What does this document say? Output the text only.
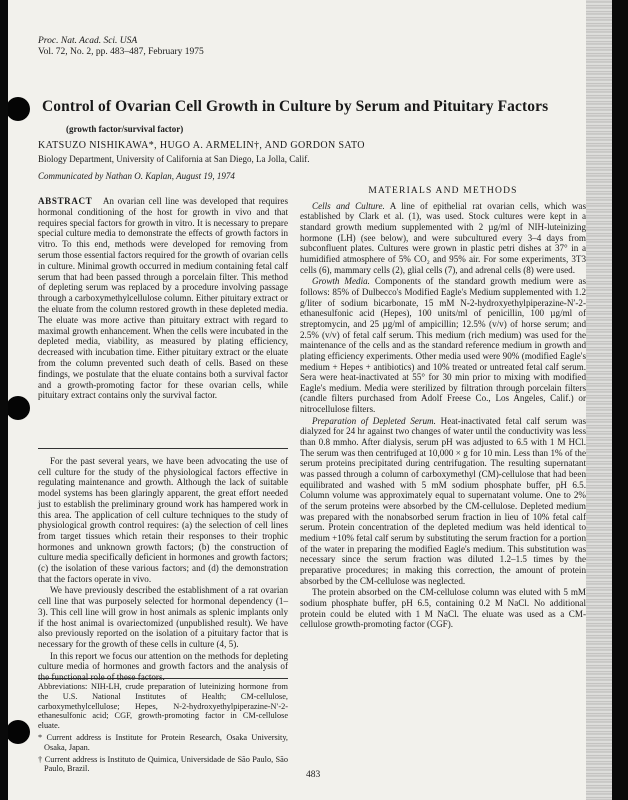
Proc. Nat. Acad. Sci. USA
Vol. 72, No. 2, pp. 483–487, February 1975
Control of Ovarian Cell Growth in Culture by Serum and Pituitary Factors
(growth factor/survival factor)
KATSUZO NISHIKAWA*, HUGO A. ARMELIN†, AND GORDON SATO
Biology Department, University of California at San Diego, La Jolla, Calif.
Communicated by Nathan O. Kaplan, August 19, 1974
ABSTRACT An ovarian cell line was developed that requires hormonal conditioning of the host for growth in vivo and that requires special factors for growth in vitro. It is necessary to prepare special culture media to demonstrate the effects of growth factors in vitro. To this end, methods were developed for removing from serum those essential factors required for the growth of ovarian cells in culture. Minimal growth occurred in medium containing fetal calf serum that had been passed through a porcelain filter. This method of depleting serum was replaced by a procedure involving passage through a carboxymethylcellulose column. Either pituitary extract or the eluate from the column restored growth in these depleted media. The eluate was more active than pituitary extract with regard to maximal growth enhancement. When the cells were incubated in the depleted media, viability, as measured by plating efficiency, decreased with incubation time. Either pituitary extract or the eluate from the column prevented such death of cells. Based on these findings, we postulate that the eluate contains both a survival factor and a growth-promoting factor for these ovarian cells, while pituitary extract contains only the survival factor.

For the past several years, we have been advocating the use of cell culture for the study of the physiological factors effective in regulating maintenance and growth. Although the lack of suitable model systems has been glaringly apparent, the great effort needed just to establish the preliminary ground work has hampered work in this area. The application of cell culture techniques to the study of physiological growth control requires: (a) the selection of cell lines from target tissues which retain their responses to their trophic hormones and unknown growth factors; (b) the construction of culture media specifically deficient in hormones and growth factors; (c) the isolation of these various factors; and (d) the demonstration that the factors operate in vivo.

We have previously described the establishment of a rat ovarian cell line that was purposely selected for hormonal dependency (1–3). This cell line will grow in host animals as splenic implants only if the host animal is ovariectomized (unpublished result). We have also previously reported on the isolation of a pituitary factor that is necessary for the growth of these cells in culture (4, 5).

In this report we focus our attention on the methods for depleting culture media of hormones and growth factors and the analysis of the functional role of these factors.

Abbreviations: NIH-LH, crude preparation of luteinizing hormone from the U.S. National Institutes of Health; CM-cellulose, carboxymethylcellulose; Hepes, N-2-hydroxyethylpiperazine-N′-2-ethanesulfonic acid; CGF, growth-promoting factor in CM-cellulose eluate.

* Current address is Institute for Protein Research, Osaka University, Osaka, Japan.

† Current address is Instituto de Quimica, Universidade de São Paulo, São Paulo, Brazil.

MATERIALS AND METHODS

Cells and Culture. A line of epithelial rat ovarian cells, which was established by Clark et al. (1), was used. Stock cultures were kept in a standard growth medium supplemented with 2 µg/ml of NIH-luteinizing hormone (LH) (see below), and were subcultured every 3–4 days from subconfluent plates. Cultures were grown in plastic petri dishes at 37° in a humidified atmosphere of 5% CO₂ and 95% air. For some experiments, 3T3 cells (6), mammary cells (2), glial cells (7), and adrenal cells (8) were used.

Growth Media. Components of the standard growth medium were as follows: 85% of Dulbecco's Modified Eagle's Medium supplemented with 1.2 g/liter of sodium bicarbonate, 15 mM N-2-hydroxyethylpiperazine-N′-2-ethanesulfonic acid (Hepes), 100 units/ml of penicillin, 100 µg/ml of streptomycin, and 25 µg/ml of ampicillin; 12.5% (v/v) of horse serum; and 2.5% (v/v) of fetal calf serum. This medium (rich medium) was used for the maintenance of the cells and as the standard reference medium in growth and plating efficiency experiments. Other media used were 90% (modified Eagle's medium + Hepes + antibiotics) and 10% treated or untreated fetal calf serum. Sera were heat-inactivated at 55° for 30 min prior to mixing with modified Eagle's medium. Media were sterilized by filtration through porcelain filters (candle filters purchased from Adolf Freese Co., Los Angeles, Calif.) or nitrocellulose filters.

Preparation of Depleted Serum. Heat-inactivated fetal calf serum was dialyzed for 24 hr against two changes of water until the conductivity was less than 0.8 mmho. After dialysis, serum pH was adjusted to 6.5 with 1 M HCl. The serum was then centrifuged at 10,000 × g for 10 min. Less than 1% of the serum proteins precipitated during centrifugation. The resulting supernatant was passed through a column of carboxymethyl (CM)-cellulose that had been equilibrated and washed with 5 mM sodium phosphate buffer, pH 6.5. Column volume was approximately equal to supernatant volume. One to 2% of the serum proteins were absorbed by the CM-cellulose. Depleted medium was prepared with the nonabsorbed serum fraction in lieu of 10% fetal calf serum. Protein concentration of the depleted medium was held identical to medium +10% fetal calf serum by substituting the serum fraction for a portion of the water in preparing the modified Eagle's medium. This substitution was necessary since the serum fraction was diluted 1.2–1.5 times by the preparative procedures; in making this correction, the amount of protein absorbed by the CM-cellulose was neglected.

The protein absorbed on the CM-cellulose column was eluted with 5 mM sodium phosphate buffer, pH 6.5, containing 0.2 M NaCl. No additional protein could be eluted with 1 M NaCl. The eluate was used as a CM-cellulose growth-promoting factor (CGF).

483
